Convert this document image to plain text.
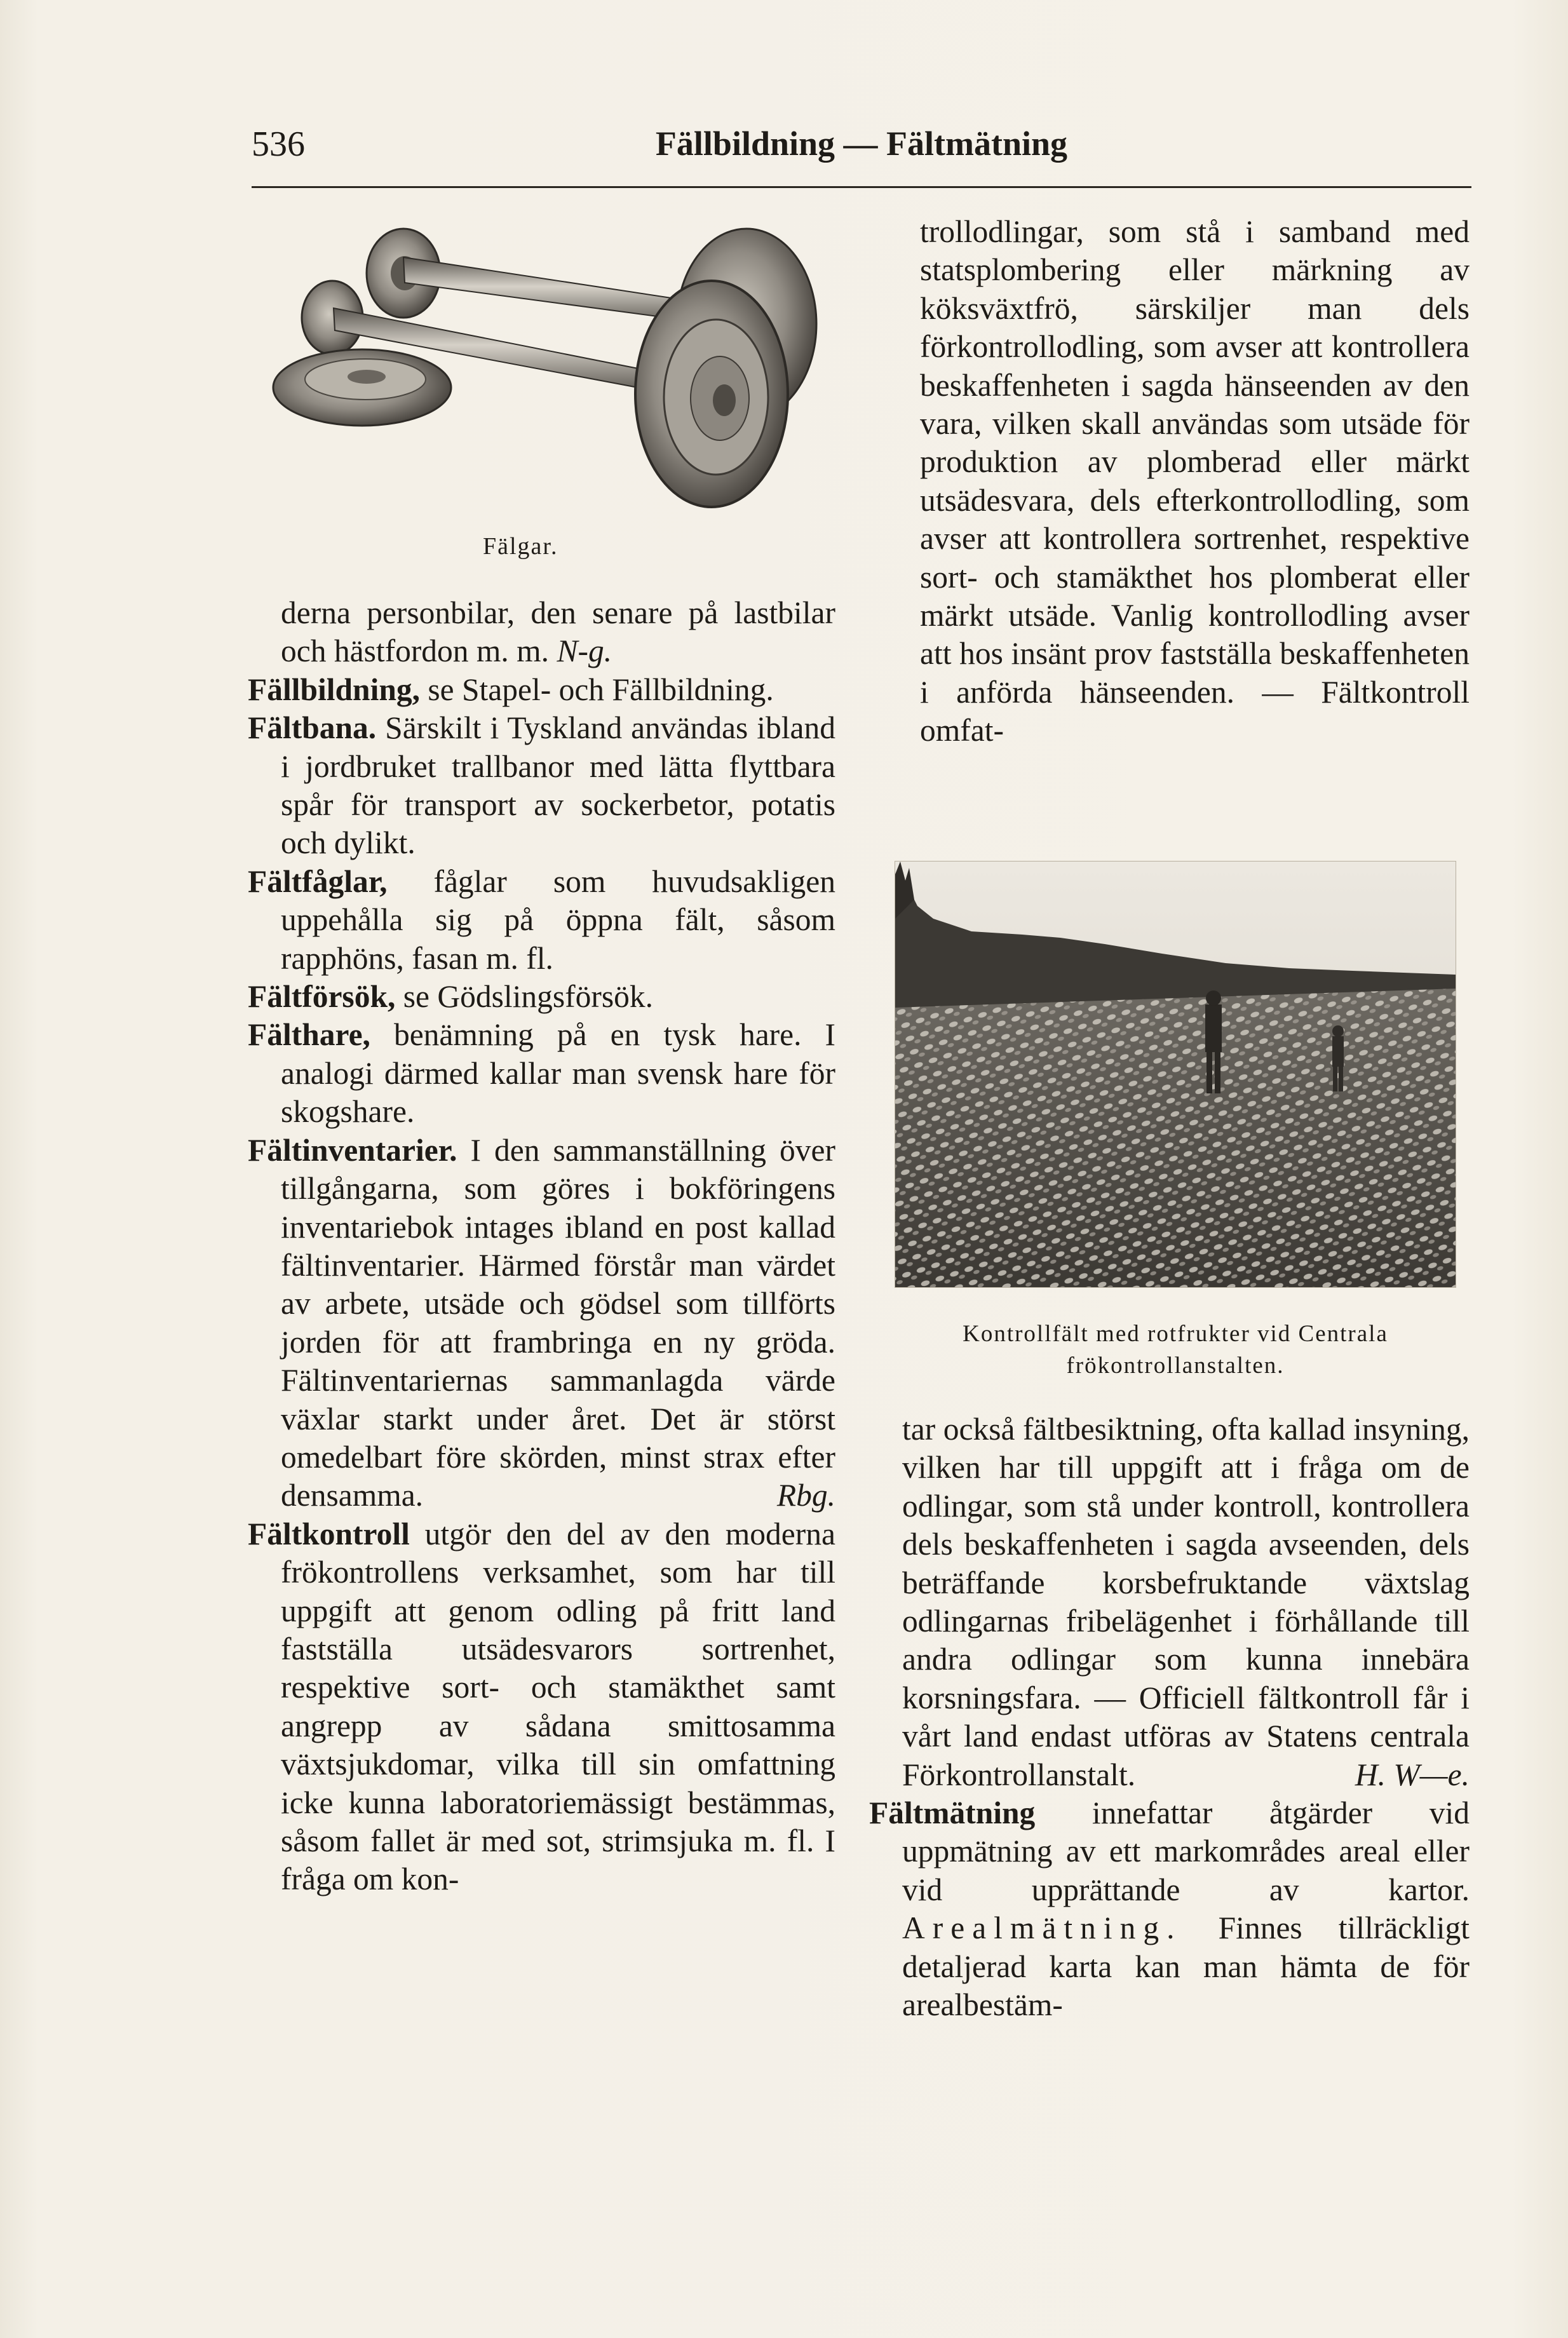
536	Fällbildning — Fältmätning
Fälgar.
Kontrollfält med rotfrukter vid Centrala
frökontrollanstalten.

derna personbilar, den senare på lastbilar och hästfordon m. m. N-g.

Fällbildning, se Stapel- och Fällbildning.

Fältbana. Särskilt i Tyskland användas ibland i jordbruket trallbanor med lätta flyttbara spår för transport av sockerbetor, potatis och dylikt.

Fältfåglar, fåglar som huvudsakligen uppehålla sig på öppna fält, såsom rapphöns, fasan m. fl.

Fältförsök, se Gödslingsförsök.

Fälthare, benämning på en tysk hare. I analogi därmed kallar man svensk hare för skogshare.

Fältinventarier. I den sammanställning över tillgångarna, som göres i bokföringens inventariebok intages ibland en post kallad fältinventarier. Härmed förstår man värdet av arbete, utsäde och gödsel som tillförts jorden för att frambringa en ny gröda. Fältinventariernas sammanlagda värde växlar starkt under året. Det är störst omedelbart före skörden, minst strax efter densamma.	Rbg.

Fältkontroll utgör den del av den moderna frökontrollens verksamhet, som har till uppgift att genom odling på fritt land fastställa utsädesvarors sortrenhet, respektive sort- och stamäkthet samt angrepp av sådana smittosamma växtsjukdomar, vilka till sin omfattning icke kunna laboratoriemässigt bestämmas, såsom fallet är med sot, strimsjuka m. fl. I fråga om kon-

trollodlingar, som stå i samband med statsplombering eller märkning av köksväxtfrö, särskiljer man dels förkontrollodling, som avser att kontrollera beskaffenheten i sagda hänseenden av den vara, vilken skall användas som utsäde för produktion av plomberad eller märkt utsädesvara, dels efterkontrollodling, som avser att kontrollera sortrenhet, respektive sort- och stamäkthet hos plomberat eller märkt utsäde. Vanlig kontrollodling avser att hos insänt prov fastställa beskaffenheten i anförda hänseenden. — Fältkontroll omfat-

tar också fältbesiktning, ofta kallad insyning, vilken har till uppgift att i fråga om de odlingar, som stå under kontroll, kontrollera dels beskaffenheten i sagda avseenden, dels beträffande korsbefruktande växtslag odlingarnas fribelägenhet i förhållande till andra odlingar som kunna innebära korsningsfara. — Officiell fältkontroll får i vårt land endast utföras av Statens centrala Förkontrollanstalt.	H. W—e.

Fältmätning innefattar åtgärder vid uppmätning av ett markområdes areal eller vid upprättande av kartor. Arealmätning. Finnes tillräckligt detaljerad karta kan man hämta de för arealbestäm-
